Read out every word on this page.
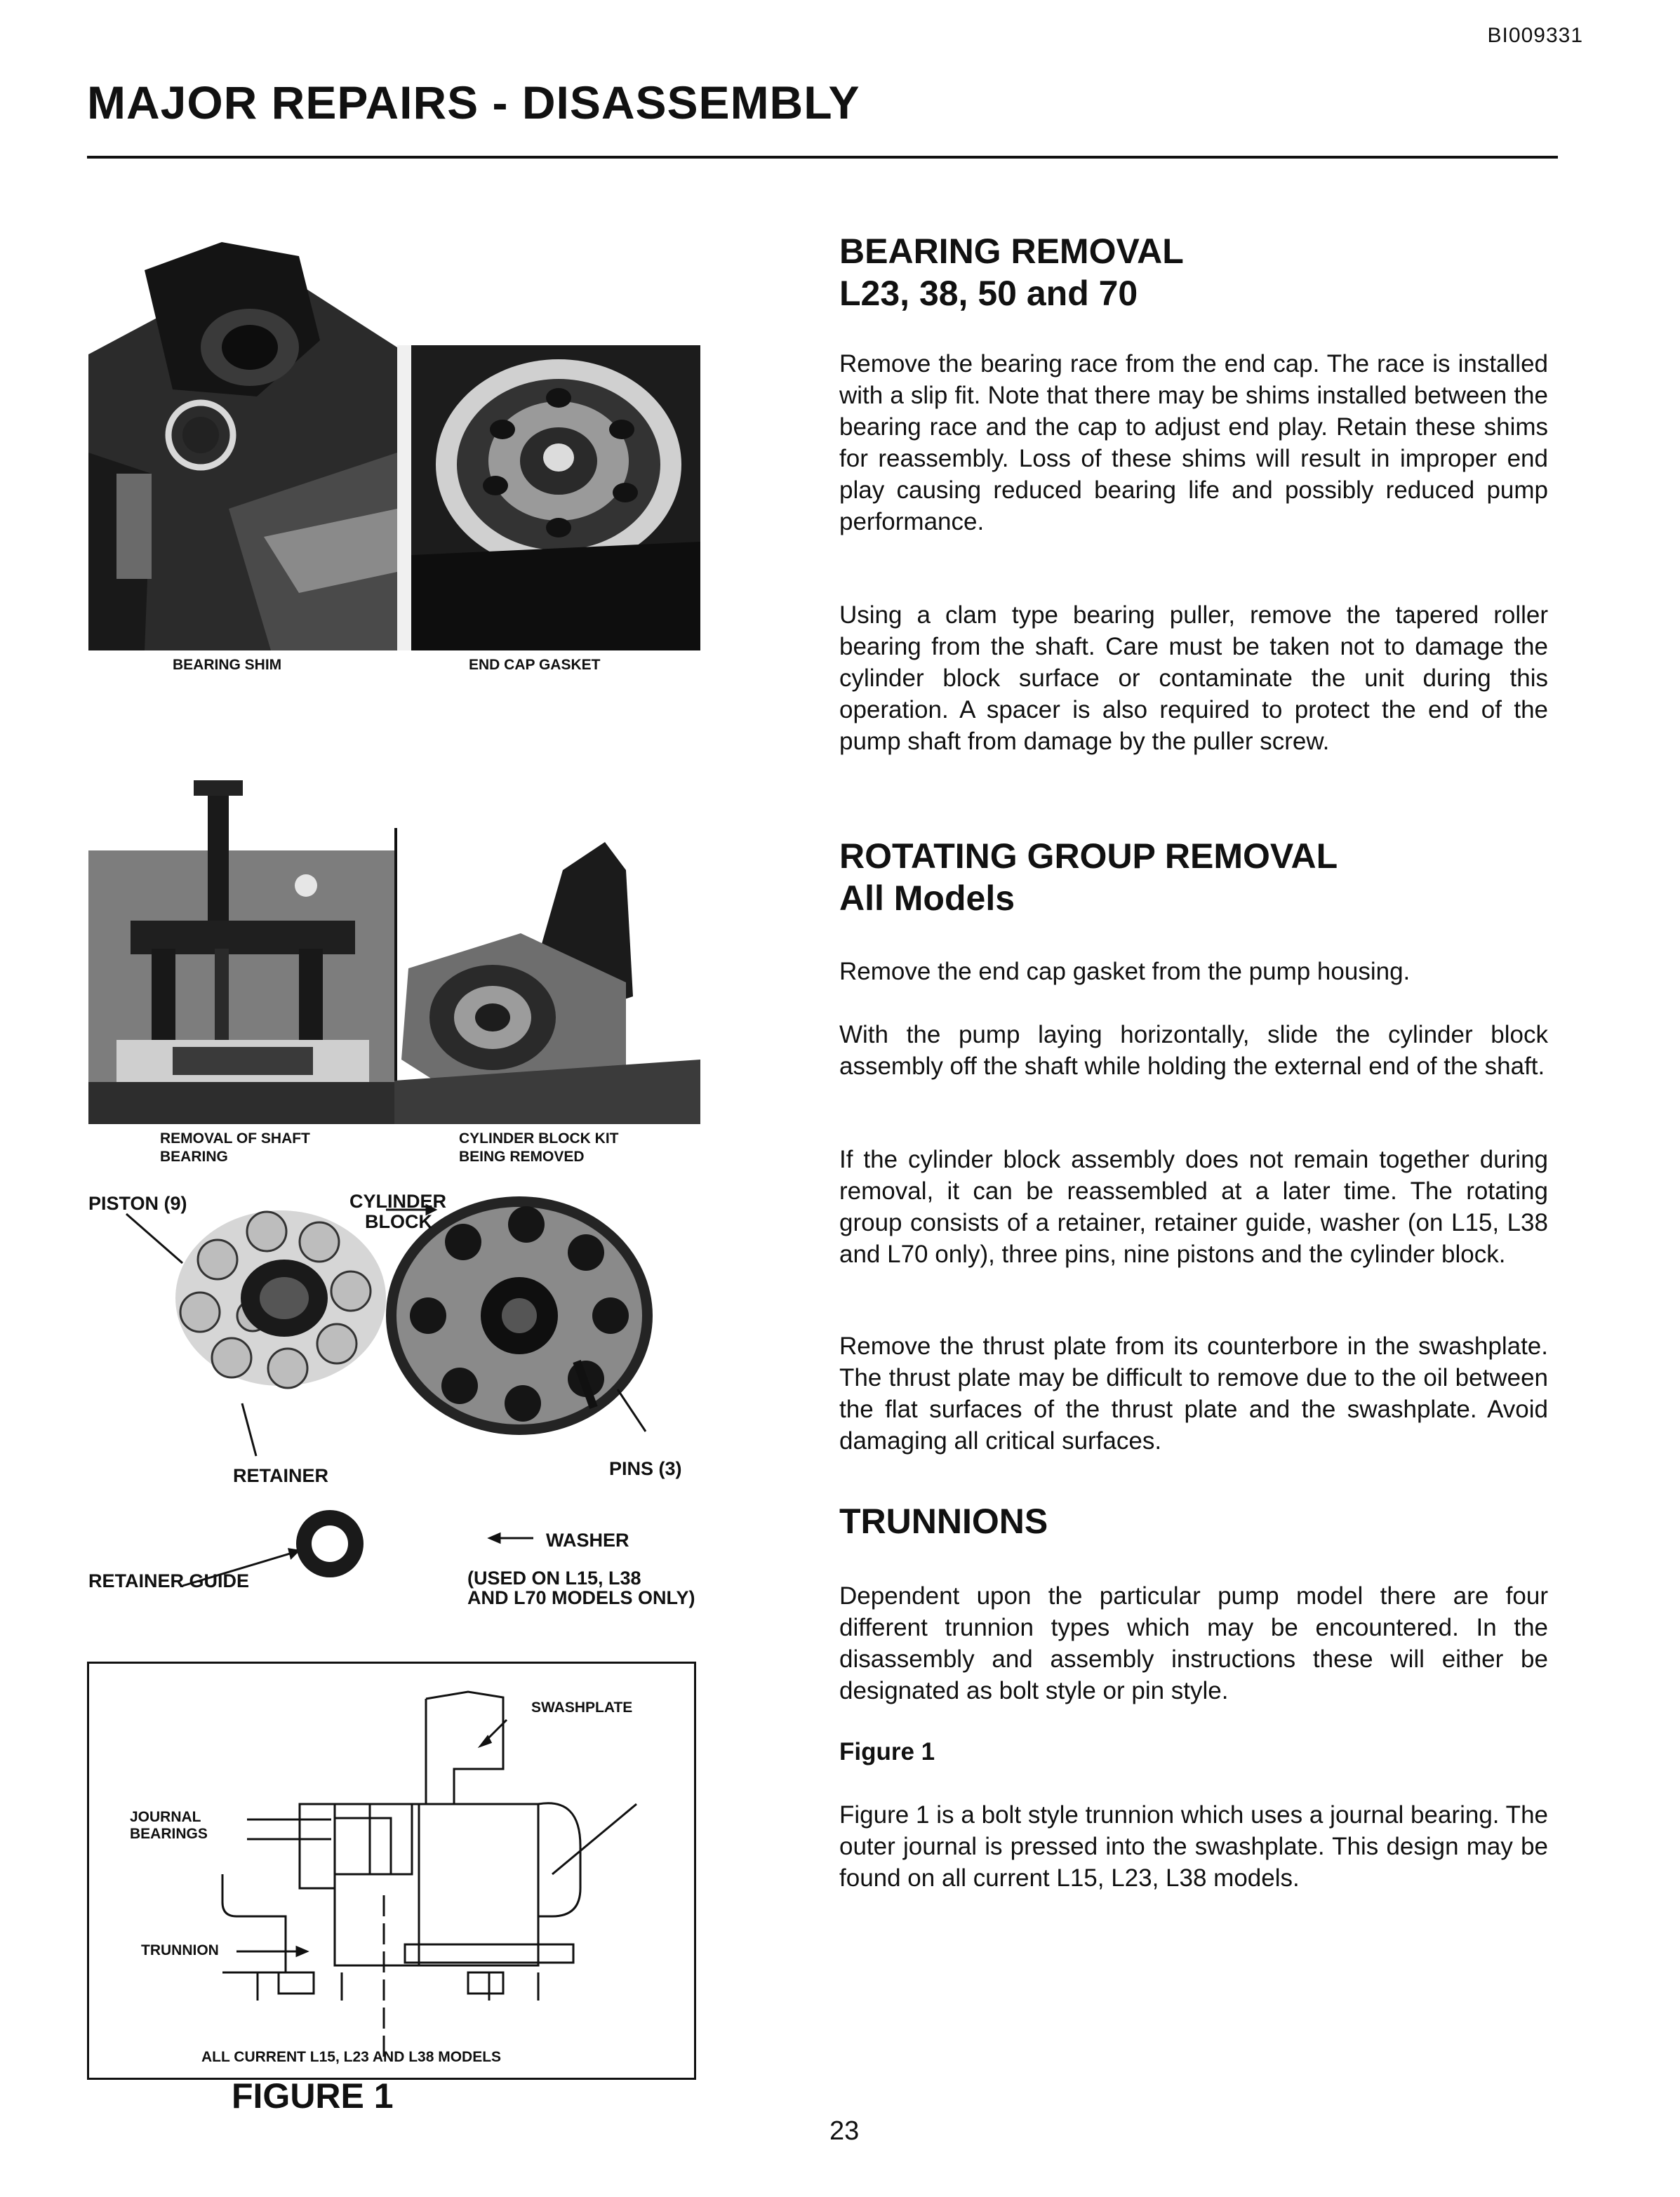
BI009331
MAJOR REPAIRS - DISASSEMBLY
BEARING SHIM	END CAP GASKET
REMOVAL OF SHAFT
BEARING
CYLINDER BLOCK KIT
BEING REMOVED
PISTON (9)	CYLINDER
BLOCK
RETAINER	PINS (3)
WASHER
RETAINER GUIDE	(USED ON L15, L38
AND L70 MODELS ONLY)
SWASHPLATE
JOURNAL
BEARINGS
TRUNNION
ALL CURRENT L15, L23 AND L38 MODELS
FIGURE 1
BEARING REMOVAL
L23, 38, 50 and 70

Remove the bearing race from the end cap. The race is installed with a slip fit. Note that there may be shims installed between the bearing race and the cap to adjust end play. Retain these shims for reassembly. Loss of these shims will result in improper end play causing reduced bearing life and possibly reduced pump performance.

Using a clam type bearing puller, remove the tapered roller bearing from the shaft. Care must be taken not to damage the cylinder block surface or contaminate the unit during this operation. A spacer is also required to protect the end of the pump shaft from damage by the puller screw.

ROTATING GROUP REMOVAL
All Models

Remove the end cap gasket from the pump housing.

With the pump laying horizontally, slide the cylinder block assembly off the shaft while holding the external end of the shaft.

If the cylinder block assembly does not remain together during removal, it can be reassembled at a later time. The rotating group consists of a retainer, retainer guide, washer (on L15, L38 and L70 only), three pins, nine pistons and the cylinder block.

Remove the thrust plate from its counterbore in the swashplate. The thrust plate may be difficult to remove due to the oil between the flat surfaces of the thrust plate and the swashplate. Avoid damaging all critical surfaces.

TRUNNIONS

Dependent upon the particular pump model there are four different trunnion types which may be encountered. In the disassembly and assembly instructions these will either be designated as bolt style or pin style.

Figure 1

Figure 1 is a bolt style trunnion which uses a journal bearing. The outer journal is pressed into the swashplate. This design may be found on all current L15, L23, L38 models.

23
